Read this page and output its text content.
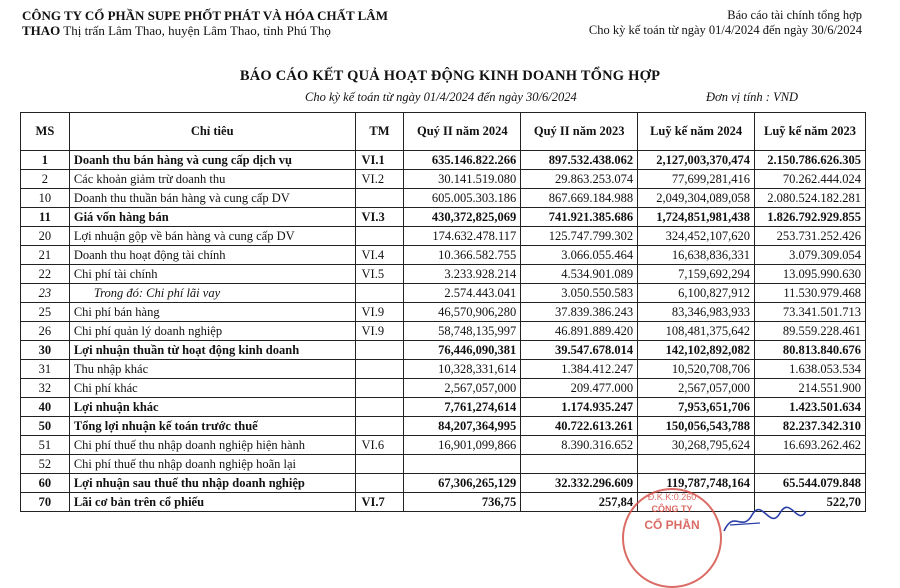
CÔNG TY CỔ PHẦN SUPE PHỐT PHÁT VÀ HÓA CHẤT LÂM
THAO Thị trấn Lâm Thao, huyện Lâm Thao, tỉnh Phú Thọ
Báo cáo tài chính tổng hợp
Cho kỳ kế toán từ ngày 01/4/2024 đến ngày 30/6/2024
BÁO CÁO KẾT QUẢ HOẠT ĐỘNG KINH DOANH TỔNG HỢP
Cho kỳ kế toán từ ngày 01/4/2024 đến ngày 30/6/2024	Đơn vị tính : VND
MS	Chỉ tiêu	TM	Quý II năm 2024	Quý II năm 2023	Luỹ kế năm 2024	Luỹ kế năm 2023
1	Doanh thu bán hàng và cung cấp dịch vụ	VI.1	635.146.822.266	897.532.438.062	2,127,003,370,474	2.150.786.626.305
2	Các khoản giảm trừ doanh thu	VI.2	30.141.519.080	29.863.253.074	77,699,281,416	70.262.444.024
10	Doanh thu thuần bán hàng và cung cấp DV		605.005.303.186	867.669.184.988	2,049,304,089,058	2.080.524.182.281
11	Giá vốn hàng bán	VI.3	430,372,825,069	741.921.385.686	1,724,851,981,438	1.826.792.929.855
20	Lợi nhuận gộp về bán hàng và cung cấp DV		174.632.478.117	125.747.799.302	324,452,107,620	253.731.252.426
21	Doanh thu hoạt động tài chính	VI.4	10.366.582.755	3.066.055.464	16,638,836,331	3.079.309.054
22	Chi phí tài chính	VI.5	3.233.928.214	4.534.901.089	7,159,692,294	13.095.990.630
23	Trong đó: Chi phí lãi vay		2.574.443.041	3.050.550.583	6,100,827,912	11.530.979.468
25	Chi phí bán hàng	VI.9	46,570,906,280	37.839.386.243	83,346,983,933	73.341.501.713
26	Chi phí quản lý doanh nghiệp	VI.9	58,748,135,997	46.891.889.420	108,481,375,642	89.559.228.461
30	Lợi nhuận thuần từ hoạt động kinh doanh		76,446,090,381	39.547.678.014	142,102,892,082	80.813.840.676
31	Thu nhập khác		10,328,331,614	1.384.412.247	10,520,708,706	1.638.053.534
32	Chi phí khác		2,567,057,000	209.477.000	2,567,057,000	214.551.900
40	Lợi nhuận khác		7,761,274,614	1.174.935.247	7,953,651,706	1.423.501.634
50	Tổng lợi nhuận kế toán trước thuế		84,207,364,995	40.722.613.261	150,056,543,788	82.237.342.310
51	Chi phí thuế thu nhập doanh nghiệp hiện hành	VI.6	16,901,099,866	8.390.316.652	30,268,795,624	16.693.262.462
52	Chi phí thuế thu nhập doanh nghiệp hoãn lại					
60	Lợi nhuận sau thuế thu nhập doanh nghiệp		67,306,265,129	32.332.296.609	119,787,748,164	65.544.079.848
70	Lãi cơ bản trên cổ phiếu	VI.7	736,75	257,84		522,70
Đ.K.K:0.260
CÔNG TY
CỔ PHẦN
